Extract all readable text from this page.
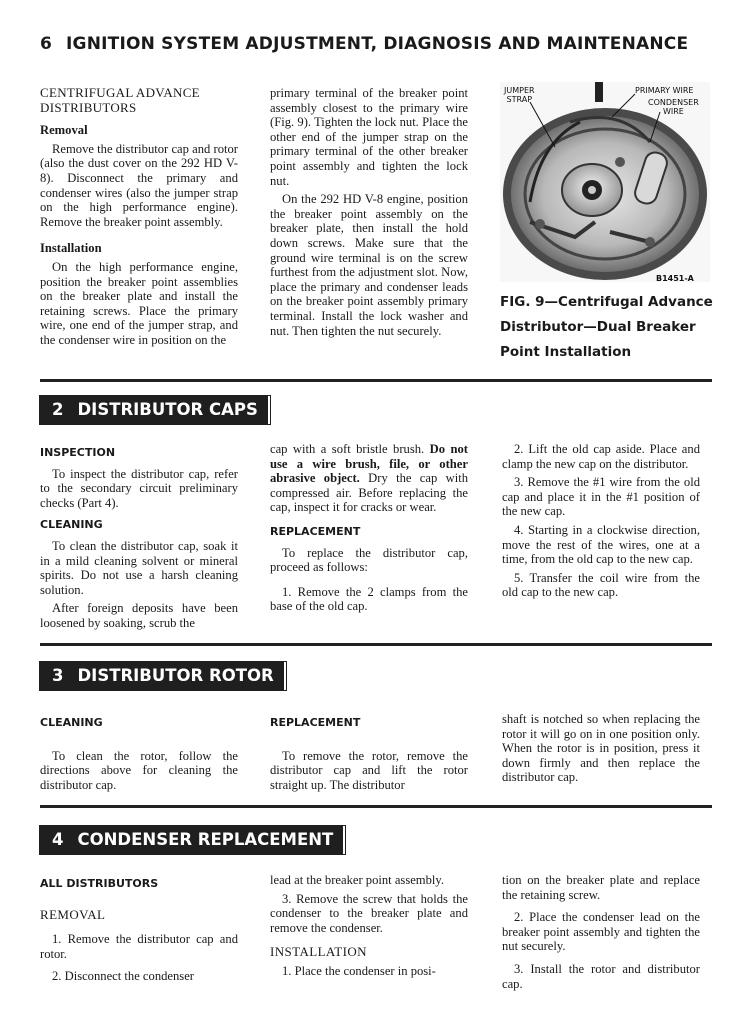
6 IGNITION SYSTEM ADJUSTMENT, DIAGNOSIS AND MAINTENANCE
CENTRIFUGAL ADVANCE
DISTRIBUTORS
Removal

Remove the distributor cap and rotor (also the dust cover on the 292 HD V-8). Disconnect the primary and condenser wires (also the jumper strap on the high performance engine). Remove the breaker point assembly.

Installation

On the high performance engine, position the breaker point assemblies on the breaker plate and install the retaining screws. Place the primary wire, one end of the jumper strap, and the condenser wire in position on the

primary terminal of the breaker point assembly closest to the primary wire (Fig. 9). Tighten the lock nut. Place the other end of the jumper strap on the primary terminal of the other breaker point assembly and tighten the lock nut.

On the 292 HD V-8 engine, position the breaker point assembly on the breaker plate, then install the hold down screws. Make sure that the ground wire terminal is on the screw furthest from the adjustment slot. Now, place the primary and condenser leads on the breaker point assembly primary terminal. Install the lock washer and nut. Then tighten the nut securely.

JUMPER
STRAP
PRIMARY WIRE
CONDENSER
WIRE
B1451-A
FIG. 9—Centrifugal Advance Distributor—Dual Breaker Point Installation
2 DISTRIBUTOR CAPS
INSPECTION

To inspect the distributor cap, refer to the secondary circuit preliminary checks (Part 4).

CLEANING

To clean the distributor cap, soak it in a mild cleaning solvent or mineral spirits. Do not use a harsh cleaning solution.

After foreign deposits have been loosened by soaking, scrub the

cap with a soft bristle brush. Do not use a wire brush, file, or other abrasive object. Dry the cap with compressed air. Before replacing the cap, inspect it for cracks or wear.

REPLACEMENT

To replace the distributor cap, proceed as follows:

1. Remove the 2 clamps from the base of the old cap.

2. Lift the old cap aside. Place and clamp the new cap on the distributor.

3. Remove the #1 wire from the old cap and place it in the #1 position of the new cap.

4. Starting in a clockwise direction, move the rest of the wires, one at a time, from the old cap to the new cap.

5. Transfer the coil wire from the old cap to the new cap.

3 DISTRIBUTOR ROTOR
CLEANING

To clean the rotor, follow the directions above for cleaning the distributor cap.

REPLACEMENT

To remove the rotor, remove the distributor cap and lift the rotor straight up. The distributor

shaft is notched so when replacing the rotor it will go on in one position only. When the rotor is in position, press it down firmly and then replace the distributor cap.

4 CONDENSER REPLACEMENT
ALL DISTRIBUTORS
REMOVAL

1. Remove the distributor cap and rotor.

2. Disconnect the condenser

lead at the breaker point assembly.

3. Remove the screw that holds the condenser to the breaker plate and remove the condenser.

INSTALLATION

1. Place the condenser in posi-

tion on the breaker plate and replace the retaining screw.

2. Place the condenser lead on the breaker point assembly and tighten the nut securely.

3. Install the rotor and distributor cap.
